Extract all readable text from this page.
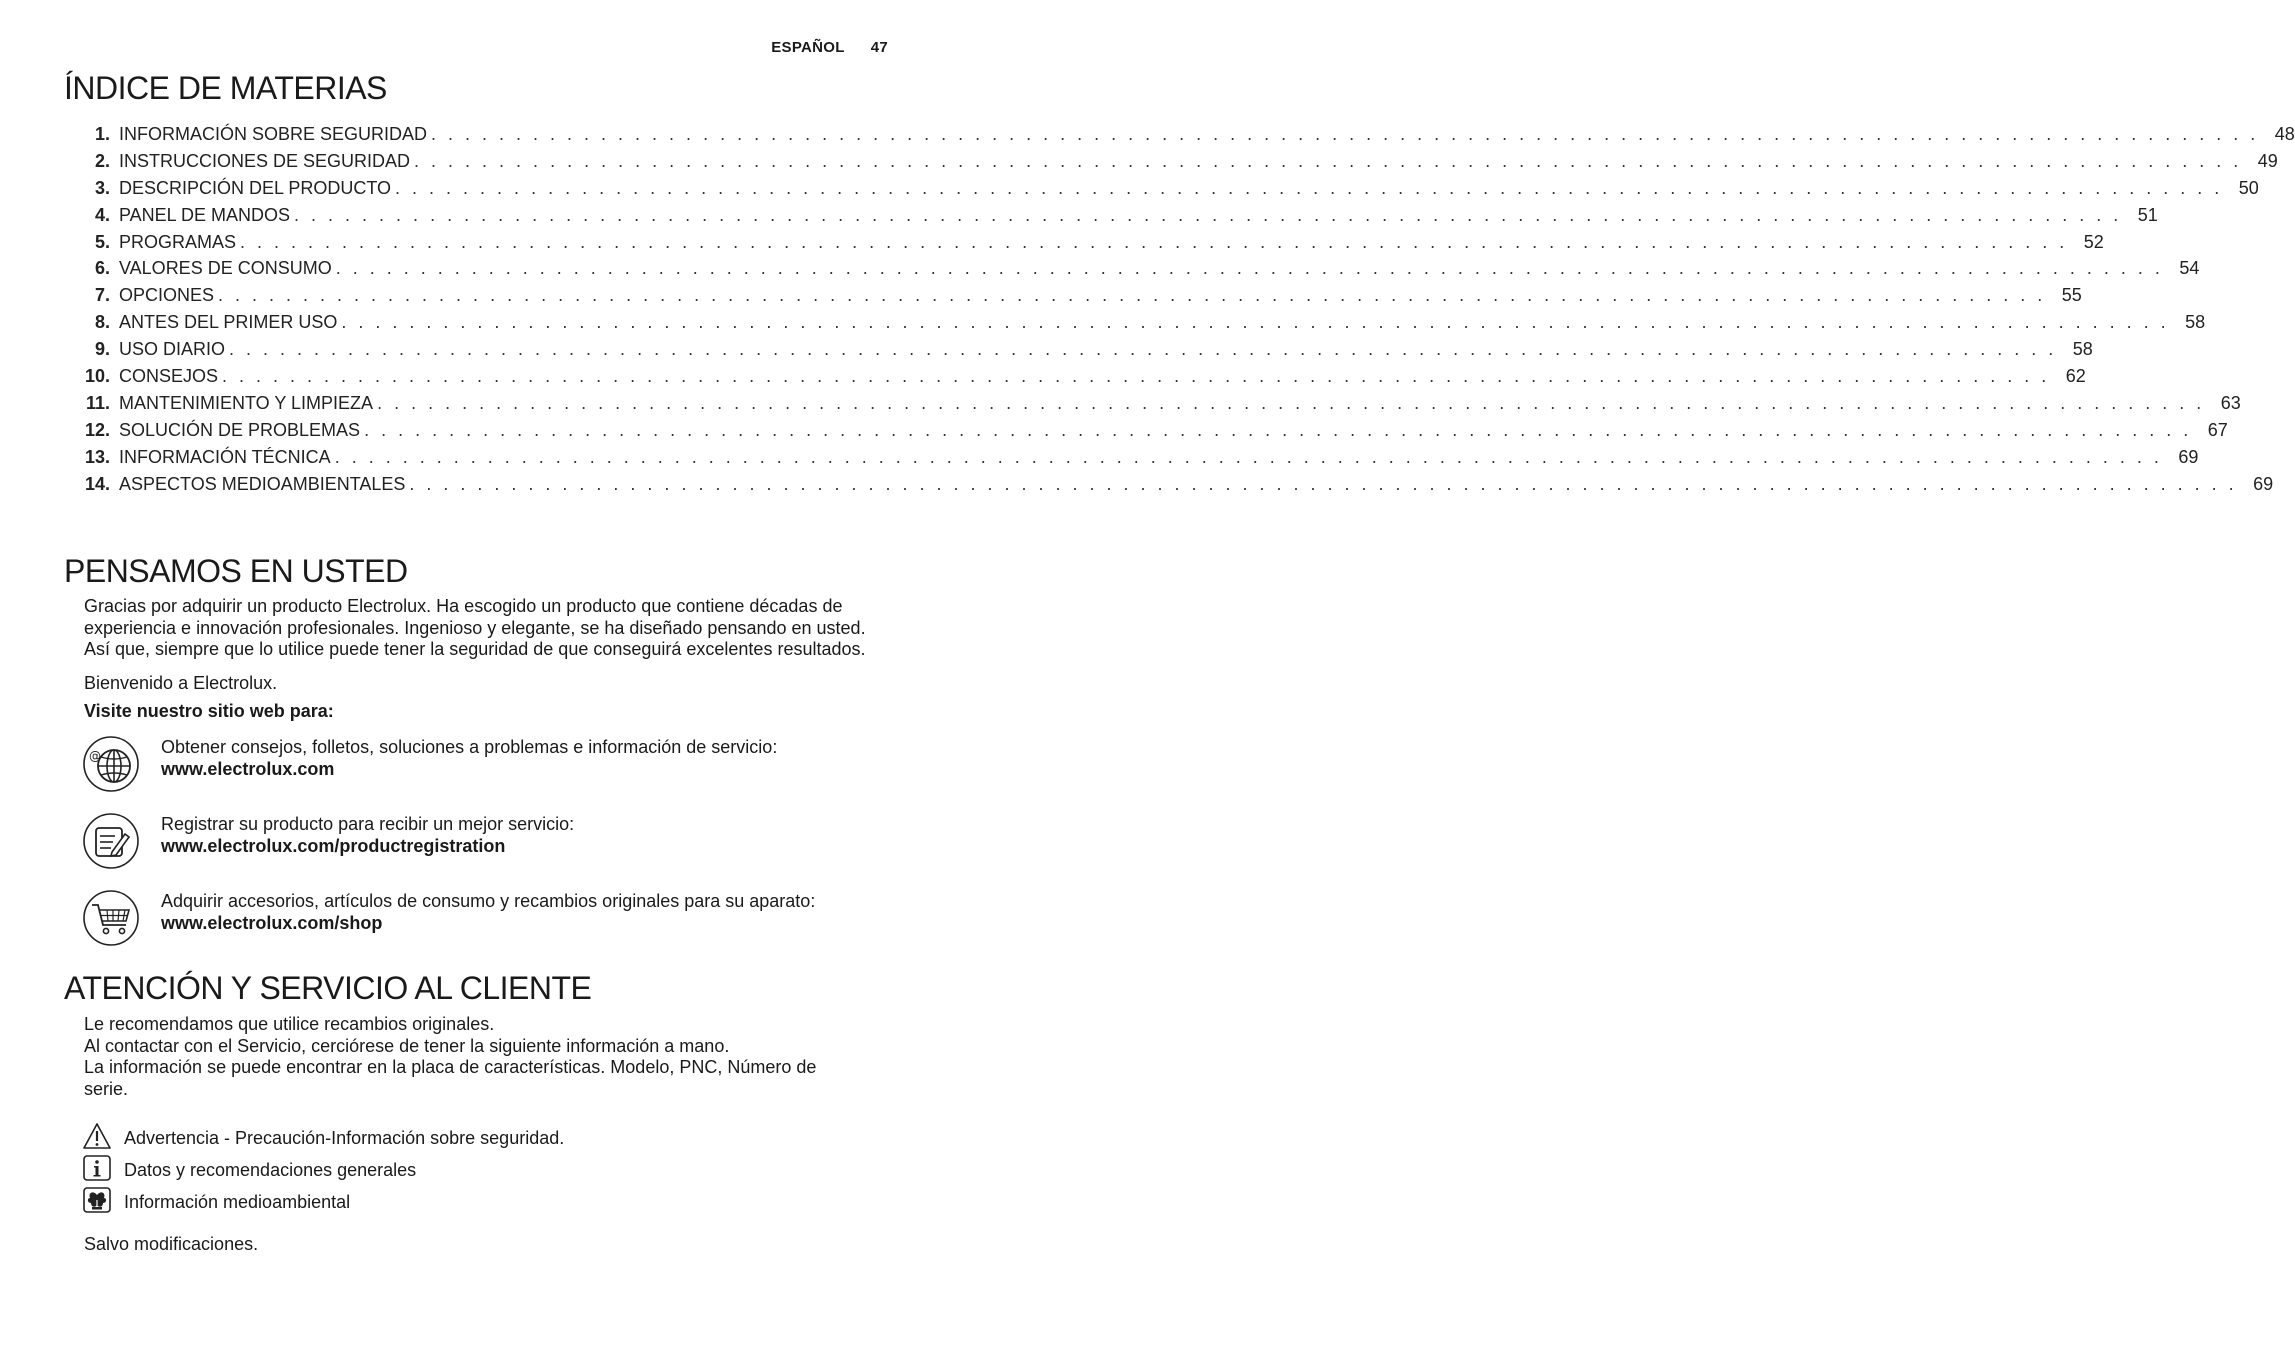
ESPAÑOL 47
ÍNDICE DE MATERIAS
1. INFORMACIÓN SOBRE SEGURIDAD . . . . . . . . . . . . . . . . . . . . . . . . . . . . . . . . . . . . . . . . . . . . . . . . . . . . . . . . . . . . . . . . . . . . . . . . . . . . . . . . . . . . . . . . . . . . . . . . . . . . . . . . . . . . 48
2. INSTRUCCIONES DE SEGURIDAD . . . . . . . . . . . . . . . . . . . . . . . . . . . . . . . . . . . . . . . . . . . . . . . . . . . . . . . . . . . . . . . . . . . . . . . . . . . . . . . . . . . . . . . . . . . . . . . . . . . . . . . . . . . . 49
3. DESCRIPCIÓN DEL PRODUCTO . . . . . . . . . . . . . . . . . . . . . . . . . . . . . . . . . . . . . . . . . . . . . . . . . . . . . . . . . . . . . . . . . . . . . . . . . . . . . . . . . . . . . . . . . . . . . . . . . . . . . . . . . . . . 50
4. PANEL DE MANDOS . . . . . . . . . . . . . . . . . . . . . . . . . . . . . . . . . . . . . . . . . . . . . . . . . . . . . . . . . . . . . . . . . . . . . . . . . . . . . . . . . . . . . . . . . . . . . . . . . . . . . . . . . . . . 51
5. PROGRAMAS . . . . . . . . . . . . . . . . . . . . . . . . . . . . . . . . . . . . . . . . . . . . . . . . . . . . . . . . . . . . . . . . . . . . . . . . . . . . . . . . . . . . . . . . . . . . . . . . . . . . . . . . . . . . 52
6. VALORES DE CONSUMO . . . . . . . . . . . . . . . . . . . . . . . . . . . . . . . . . . . . . . . . . . . . . . . . . . . . . . . . . . . . . . . . . . . . . . . . . . . . . . . . . . . . . . . . . . . . . . . . . . . . . . . . . . . . 54
7. OPCIONES . . . . . . . . . . . . . . . . . . . . . . . . . . . . . . . . . . . . . . . . . . . . . . . . . . . . . . . . . . . . . . . . . . . . . . . . . . . . . . . . . . . . . . . . . . . . . . . . . . . . . . . . . . . . 55
8. ANTES DEL PRIMER USO . . . . . . . . . . . . . . . . . . . . . . . . . . . . . . . . . . . . . . . . . . . . . . . . . . . . . . . . . . . . . . . . . . . . . . . . . . . . . . . . . . . . . . . . . . . . . . . . . . . . . . . . . . . . 58
9. USO DIARIO . . . . . . . . . . . . . . . . . . . . . . . . . . . . . . . . . . . . . . . . . . . . . . . . . . . . . . . . . . . . . . . . . . . . . . . . . . . . . . . . . . . . . . . . . . . . . . . . . . . . . . . . . . . . 58
10. CONSEJOS . . . . . . . . . . . . . . . . . . . . . . . . . . . . . . . . . . . . . . . . . . . . . . . . . . . . . . . . . . . . . . . . . . . . . . . . . . . . . . . . . . . . . . . . . . . . . . . . . . . . . . . . . . . . 62
11. MANTENIMIENTO Y LIMPIEZA . . . . . . . . . . . . . . . . . . . . . . . . . . . . . . . . . . . . . . . . . . . . . . . . . . . . . . . . . . . . . . . . . . . . . . . . . . . . . . . . . . . . . . . . . . . . . . . . . . . . . . . . . . . . 63
12. SOLUCIÓN DE PROBLEMAS . . . . . . . . . . . . . . . . . . . . . . . . . . . . . . . . . . . . . . . . . . . . . . . . . . . . . . . . . . . . . . . . . . . . . . . . . . . . . . . . . . . . . . . . . . . . . . . . . . . . . . . . . . . . 67
13. INFORMACIÓN TÉCNICA . . . . . . . . . . . . . . . . . . . . . . . . . . . . . . . . . . . . . . . . . . . . . . . . . . . . . . . . . . . . . . . . . . . . . . . . . . . . . . . . . . . . . . . . . . . . . . . . . . . . . . . . . . . . 69
14. ASPECTOS MEDIOAMBIENTALES . . . . . . . . . . . . . . . . . . . . . . . . . . . . . . . . . . . . . . . . . . . . . . . . . . . . . . . . . . . . . . . . . . . . . . . . . . . . . . . . . . . . . . . . . . . . . . . . . . . . . . . . . . . . 69
PENSAMOS EN USTED
Gracias por adquirir un producto Electrolux. Ha escogido un producto que contiene décadas de
experiencia e innovación profesionales. Ingenioso y elegante, se ha diseñado pensando en usted.
Así que, siempre que lo utilice puede tener la seguridad de que conseguirá excelentes resultados.
Bienvenido a Electrolux.
Visite nuestro sitio web para:
@	Obtener consejos, folletos, soluciones a problemas e información de servicio:
www.electrolux.com
Registrar su producto para recibir un mejor servicio:
www.electrolux.com/productregistration
Adquirir accesorios, artículos de consumo y recambios originales para su aparato:
www.electrolux.com/shop
ATENCIÓN Y SERVICIO AL CLIENTE
Le recomendamos que utilice recambios originales.
Al contactar con el Servicio, cerciórese de tener la siguiente información a mano.
La información se puede encontrar en la placa de características. Modelo, PNC, Número de
serie.
Advertencia - Precaución-Información sobre seguridad.
Datos y recomendaciones generales
Información medioambiental
Salvo modificaciones.
